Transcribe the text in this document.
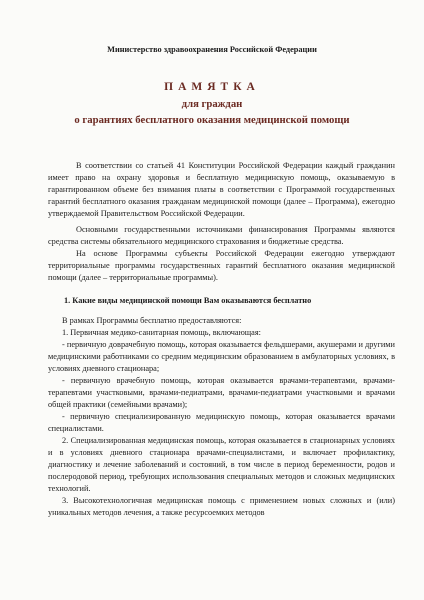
Министерство здравоохранения Российской Федерации
ПАМЯТКА
для граждан
о гарантиях бесплатного оказания медицинской помощи

В соответствии со статьей 41 Конституции Российской Федерации каждый гражданин имеет право на охрану здоровья и бесплатную медицинскую помощь, оказываемую в гарантированном объеме без взимания платы в соответствии с Программой государственных гарантий бесплатного оказания гражданам медицинской помощи (далее – Программа), ежегодно утверждаемой Правительством Российской Федерации.

Основными государственными источниками финансирования Программы являются средства системы обязательного медицинского страхования и бюджетные средства.

На основе Программы субъекты Российской Федерации ежегодно утверждают территориальные программы государственных гарантий бесплатного оказания медицинской помощи (далее – территориальные программы).

1. Какие виды медицинской помощи Вам оказываются бесплатно

В рамках Программы бесплатно предоставляются:

1. Первичная медико-санитарная помощь, включающая:

- первичную доврачебную помощь, которая оказывается фельдшерами, акушерами и другими медицинскими работниками со средним медицинским образованием в амбулаторных условиях, в условиях дневного стационара;

- первичную врачебную помощь, которая оказывается врачами-терапевтами, врачами-терапевтами участковыми, врачами-педиатрами, врачами-педиатрами участковыми и врачами общей практики (семейными врачами);

- первичную специализированную медицинскую помощь, которая оказывается врачами специалистами.

2. Специализированная медицинская помощь, которая оказывается в стационарных условиях и в условиях дневного стационара врачами-специалистами, и включает профилактику, диагностику и лечение заболеваний и состояний, в том числе в период беременности, родов и послеродовой период, требующих использования специальных методов и сложных медицинских технологий.

3. Высокотехнологичная медицинская помощь с применением новых сложных и (или) уникальных методов лечения, а также ресурсоемких методов
